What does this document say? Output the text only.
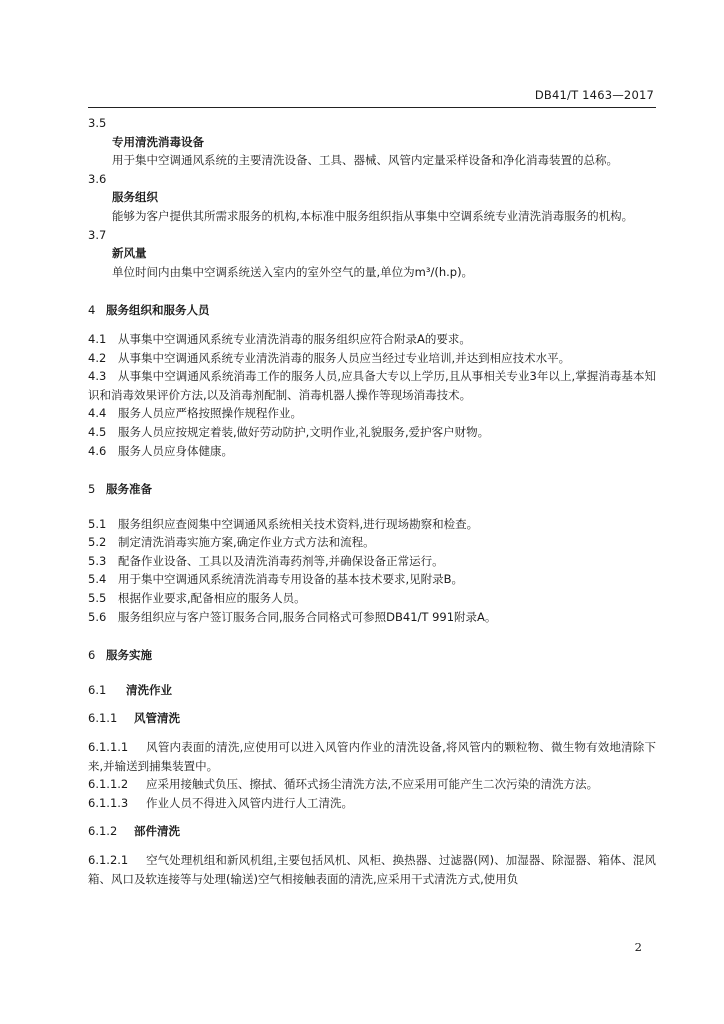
DB41/T 1463—2017

3.5

专用清洗消毒设备

用于集中空调通风系统的主要清洗设备、工具、器械、风管内定量采样设备和净化消毒装置的总称。

3.6

服务组织

能够为客户提供其所需求服务的机构,本标准中服务组织指从事集中空调系统专业清洗消毒服务的机构。

3.7

新风量

单位时间内由集中空调系统送入室内的室外空气的量,单位为m³/(h.p)。

4 服务组织和服务人员

4.1 从事集中空调通风系统专业清洗消毒的服务组织应符合附录A的要求。

4.2 从事集中空调通风系统专业清洗消毒的服务人员应当经过专业培训,并达到相应技术水平。

4.3 从事集中空调通风系统消毒工作的服务人员,应具备大专以上学历,且从事相关专业3年以上,掌握消毒基本知识和消毒效果评价方法,以及消毒剂配制、消毒机器人操作等现场消毒技术。

4.4 服务人员应严格按照操作规程作业。

4.5 服务人员应按规定着装,做好劳动防护,文明作业,礼貌服务,爱护客户财物。

4.6 服务人员应身体健康。

5 服务准备

5.1 服务组织应查阅集中空调通风系统相关技术资料,进行现场勘察和检查。

5.2 制定清洗消毒实施方案,确定作业方式方法和流程。

5.3 配备作业设备、工具以及清洗消毒药剂等,并确保设备正常运行。

5.4 用于集中空调通风系统清洗消毒专用设备的基本技术要求,见附录B。

5.5 根据作业要求,配备相应的服务人员。

5.6 服务组织应与客户签订服务合同,服务合同格式可参照DB41/T 991附录A。

6 服务实施

6.1 清洗作业

6.1.1 风管清洗

6.1.1.1 风管内表面的清洗,应使用可以进入风管内作业的清洗设备,将风管内的颗粒物、微生物有效地清除下来,并输送到捕集装置中。

6.1.1.2 应采用接触式负压、擦拭、循环式扬尘清洗方法,不应采用可能产生二次污染的清洗方法。

6.1.1.3 作业人员不得进入风管内进行人工清洗。

6.1.2 部件清洗

6.1.2.1 空气处理机组和新风机组,主要包括风机、风柜、换热器、过滤器(网)、加湿器、除湿器、箱体、混风箱、风口及软连接等与处理(输送)空气相接触表面的清洗,应采用干式清洗方式,使用负

2
